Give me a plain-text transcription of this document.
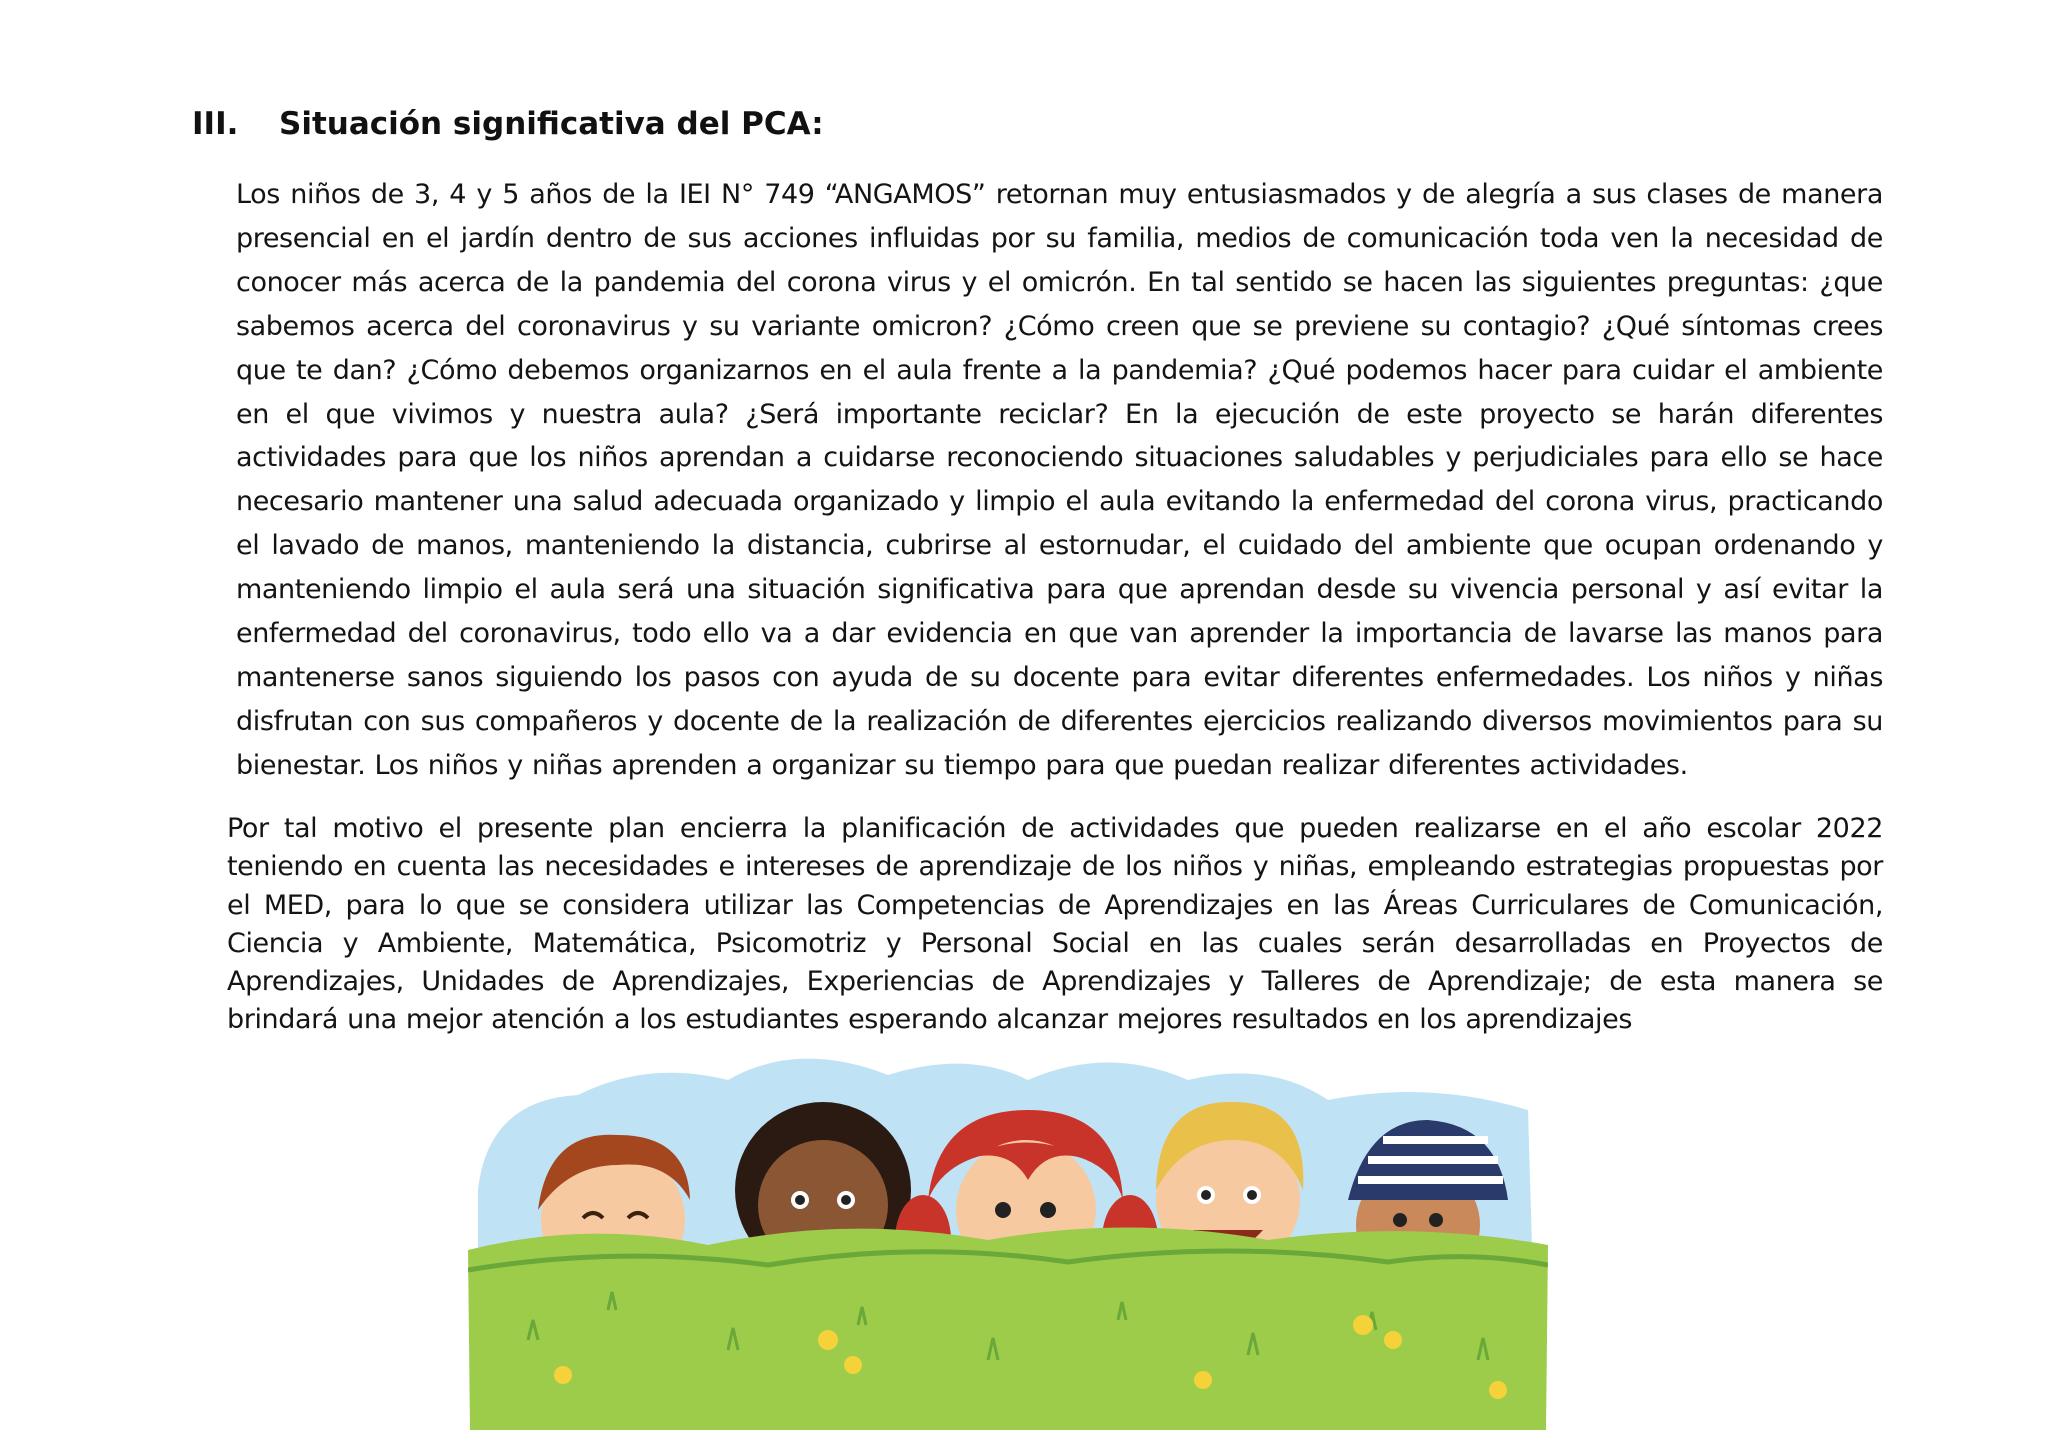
III.	Situación significativa del PCA:

Los niños de 3, 4 y 5 años de la IEI N° 749 “ANGAMOS” retornan muy entusiasmados y de alegría a sus clases de manera presencial en el jardín dentro de sus acciones influidas por su familia, medios de comunicación toda ven la necesidad de conocer más acerca de la pandemia del corona virus y el omicrón. En tal sentido se hacen las siguientes preguntas: ¿que sabemos acerca del coronavirus y su variante omicron? ¿Cómo creen que se previene su contagio? ¿Qué síntomas crees que te dan? ¿Cómo debemos organizarnos en el aula frente a la pandemia? ¿Qué podemos hacer para cuidar el ambiente en el que vivimos y nuestra aula? ¿Será importante reciclar? En la ejecución de este proyecto se harán diferentes actividades para que los niños aprendan a cuidarse reconociendo situaciones saludables y perjudiciales para ello se hace necesario mantener una salud adecuada organizado y limpio el aula evitando la enfermedad del corona virus, practicando el lavado de manos, manteniendo la distancia, cubrirse al estornudar, el cuidado del ambiente que ocupan ordenando y manteniendo limpio el aula será una situación significativa para que aprendan desde su vivencia personal y así evitar la enfermedad del coronavirus, todo ello va a dar evidencia en que van aprender la importancia de lavarse las manos para mantenerse sanos siguiendo los pasos con ayuda de su docente para evitar diferentes enfermedades. Los niños y niñas disfrutan con sus compañeros y docente de la realización de diferentes ejercicios realizando diversos movimientos para su bienestar. Los niños y niñas aprenden a organizar su tiempo para que puedan realizar diferentes actividades.

Por tal motivo el presente plan encierra la planificación de actividades que pueden realizarse en el año escolar 2022 teniendo en cuenta las necesidades e intereses de aprendizaje de los niños y niñas, empleando estrategias propuestas por el MED, para lo que se considera utilizar las Competencias de Aprendizajes en las Áreas Curriculares de Comunicación, Ciencia y Ambiente, Matemática, Psicomotriz y Personal Social en las cuales serán desarrolladas en Proyectos de Aprendizajes, Unidades de Aprendizajes, Experiencias de Aprendizajes y Talleres de Aprendizaje; de esta manera se brindará una mejor atención a los estudiantes esperando alcanzar mejores resultados en los aprendizajes
